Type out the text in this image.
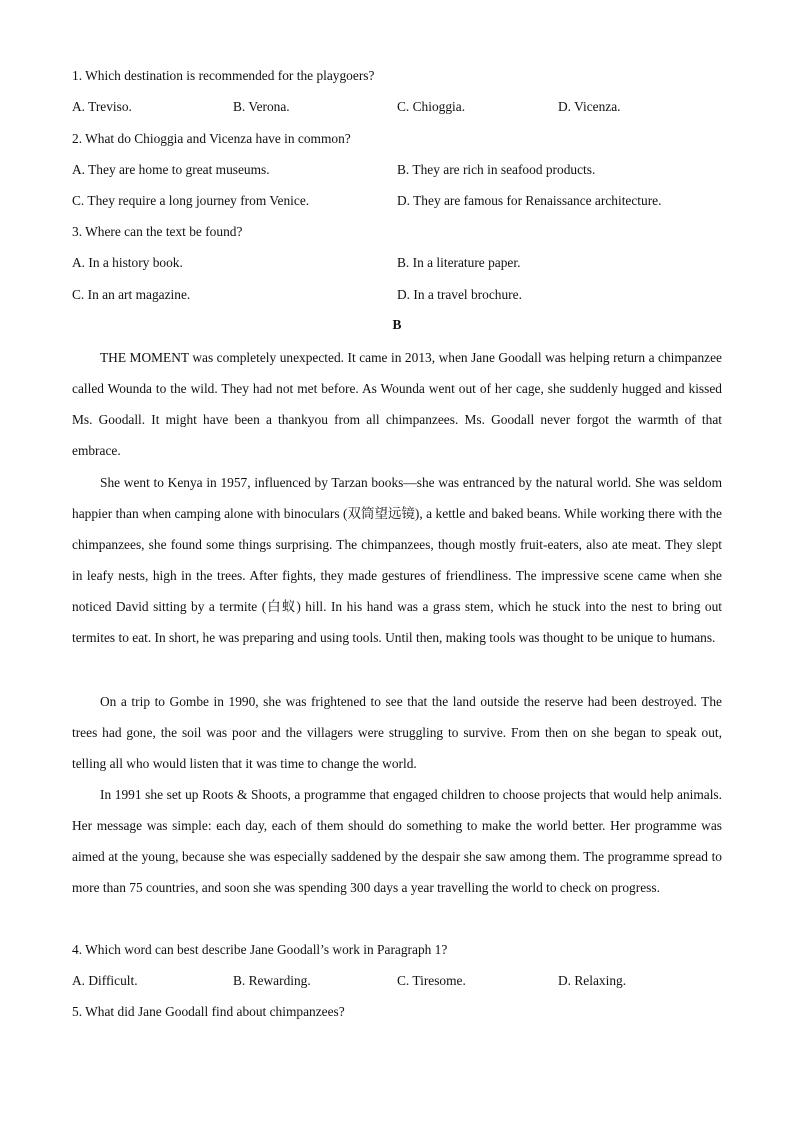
1. Which destination is recommended for the playgoers?
A. Treviso.	B. Verona.	C. Chioggia.	D. Vicenza.
2. What do Chioggia and Vicenza have in common?
A. They are home to great museums.	B. They are rich in seafood products.
C. They require a long journey from Venice.	D. They are famous for Renaissance architecture.
3. Where can the text be found?
A. In a history book.	B. In a literature paper.
C. In an art magazine.	D. In a travel brochure.
B

THE MOMENT was completely unexpected. It came in 2013, when Jane Goodall was helping return a chimpanzee called Wounda to the wild. They had not met before. As Wounda went out of her cage, she suddenly hugged and kissed Ms. Goodall. It might have been a thankyou from all chimpanzees. Ms. Goodall never forgot the warmth of that embrace.

She went to Kenya in 1957, influenced by Tarzan books—she was entranced by the natural world. She was seldom happier than when camping alone with binoculars (双筒望远镜), a kettle and baked beans. While working there with the chimpanzees, she found some things surprising. The chimpanzees, though mostly fruit-eaters, also ate meat. They slept in leafy nests, high in the trees. After fights, they made gestures of friendliness. The impressive scene came when she noticed David sitting by a termite (白蚁) hill. In his hand was a grass stem, which he stuck into the nest to bring out termites to eat. In short, he was preparing and using tools. Until then, making tools was thought to be unique to humans.

On a trip to Gombe in 1990, she was frightened to see that the land outside the reserve had been destroyed. The trees had gone, the soil was poor and the villagers were struggling to survive. From then on she began to speak out, telling all who would listen that it was time to change the world.

In 1991 she set up Roots & Shoots, a programme that engaged children to choose projects that would help animals. Her message was simple: each day, each of them should do something to make the world better. Her programme was aimed at the young, because she was especially saddened by the despair she saw among them. The programme spread to more than 75 countries, and soon she was spending 300 days a year travelling the world to check on progress.

4. Which word can best describe Jane Goodall’s work in Paragraph 1?
A. Difficult.	B. Rewarding.	C. Tiresome.	D. Relaxing.
5. What did Jane Goodall find about chimpanzees?
